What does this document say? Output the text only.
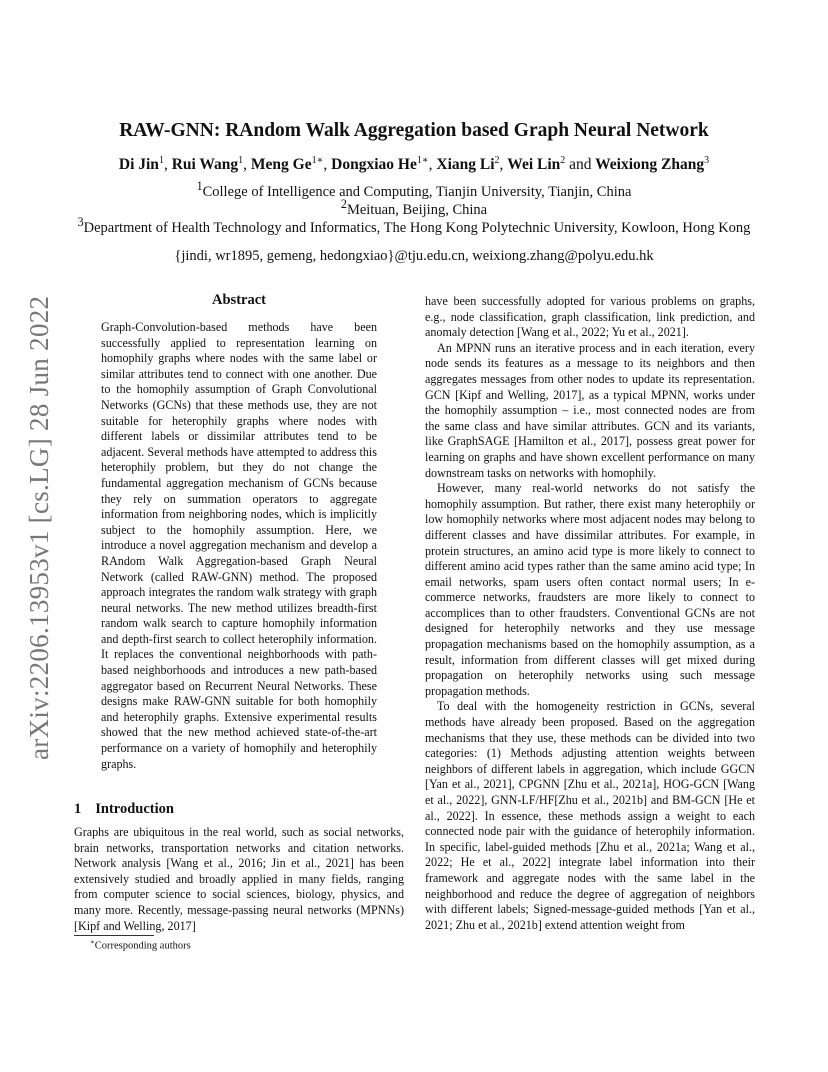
arXiv:2206.13953v1 [cs.LG] 28 Jun 2022
RAW-GNN: RAndom Walk Aggregation based Graph Neural Network
Di Jin$^1$, Rui Wang$^1$, Meng $Ge^{1∗}$, Dongxiao $He^{1∗}$, Xiang Li$^2$, Wei Lin$^2$ and Weixiong Zhang$^3$
$^1$College of Intelligence and Computing, Tianjin University, Tianjin, China
$^2$Meituan, Beijing, China
$^3$Department of Health Technology and Informatics, The Hong Kong Polytechnic University, Kowloon, Hong Kong
{jindi, wr1895, gemeng, hedongxiao}@tju.edu.cn, weixiong.zhang@polyu.edu.hk
Abstract
Graph-Convolution-based methods have been successfully applied to representation learning on homophily graphs where nodes with the same label or similar attributes tend to connect with one another. Due to the homophily assumption of Graph Convolutional Networks (GCNs) that these methods use, they are not suitable for heterophily graphs where nodes with different labels or dissimilar attributes tend to be adjacent. Several methods have attempted to address this heterophily problem, but they do not change the fundamental aggregation mechanism of GCNs because they rely on summation operators to aggregate information from neighboring nodes, which is implicitly subject to the homophily assumption. Here, we introduce a novel aggregation mechanism and develop a RAndom Walk Aggregation-based Graph Neural Network (called RAW-GNN) method. The proposed approach integrates the random walk strategy with graph neural networks. The new method utilizes breadth-first random walk search to capture homophily information and depth-first search to collect heterophily information. It replaces the conventional neighborhoods with path-based neighborhoods and introduces a new path-based aggregator based on Recurrent Neural Networks. These designs make RAW-GNN suitable for both homophily and heterophily graphs. Extensive experimental results showed that the new method achieved state-of-the-art performance on a variety of homophily and heterophily graphs.
1 Introduction

Graphs are ubiquitous in the real world, such as social networks, brain networks, transportation networks and citation networks. Network analysis [Wang et al., 2016; Jin et al., 2021] has been extensively studied and broadly applied in many fields, ranging from computer science to social sciences, biology, physics, and many more. Recently, message-passing neural networks (MPNNs) [Kipf and Welling, 2017]

∗Corresponding authors

have been successfully adopted for various problems on graphs, e.g., node classification, graph classification, link prediction, and anomaly detection [Wang et al., 2022; Yu et al., 2021].

An MPNN runs an iterative process and in each iteration, every node sends its features as a message to its neighbors and then aggregates messages from other nodes to update its representation. GCN [Kipf and Welling, 2017], as a typical MPNN, works under the homophily assumption – i.e., most connected nodes are from the same class and have similar attributes. GCN and its variants, like GraphSAGE [Hamilton et al., 2017], possess great power for learning on graphs and have shown excellent performance on many downstream tasks on networks with homophily.

However, many real-world networks do not satisfy the homophily assumption. But rather, there exist many heterophily or low homophily networks where most adjacent nodes may belong to different classes and have dissimilar attributes. For example, in protein structures, an amino acid type is more likely to connect to different amino acid types rather than the same amino acid type; In email networks, spam users often contact normal users; In e-commerce networks, fraudsters are more likely to connect to accomplices than to other fraudsters. Conventional GCNs are not designed for heterophily networks and they use message propagation mechanisms based on the homophily assumption, as a result, information from different classes will get mixed during propagation on heterophily networks using such message propagation methods.

To deal with the homogeneity restriction in GCNs, several methods have already been proposed. Based on the aggregation mechanisms that they use, these methods can be divided into two categories: (1) Methods adjusting attention weights between neighbors of different labels in aggregation, which include GGCN [Yan et al., 2021], CPGNN [Zhu et al., 2021a], HOG-GCN [Wang et al., 2022], GNN-LF/HF[Zhu et al., 2021b] and BM-GCN [He et al., 2022]. In essence, these methods assign a weight to each connected node pair with the guidance of heterophily information. In specific, label-guided methods [Zhu et al., 2021a; Wang et al., 2022; He et al., 2022] integrate label information into their framework and aggregate nodes with the same label in the neighborhood and reduce the degree of aggregation of neighbors with different labels; Signed-message-guided methods [Yan et al., 2021; Zhu et al., 2021b] extend attention weight from
